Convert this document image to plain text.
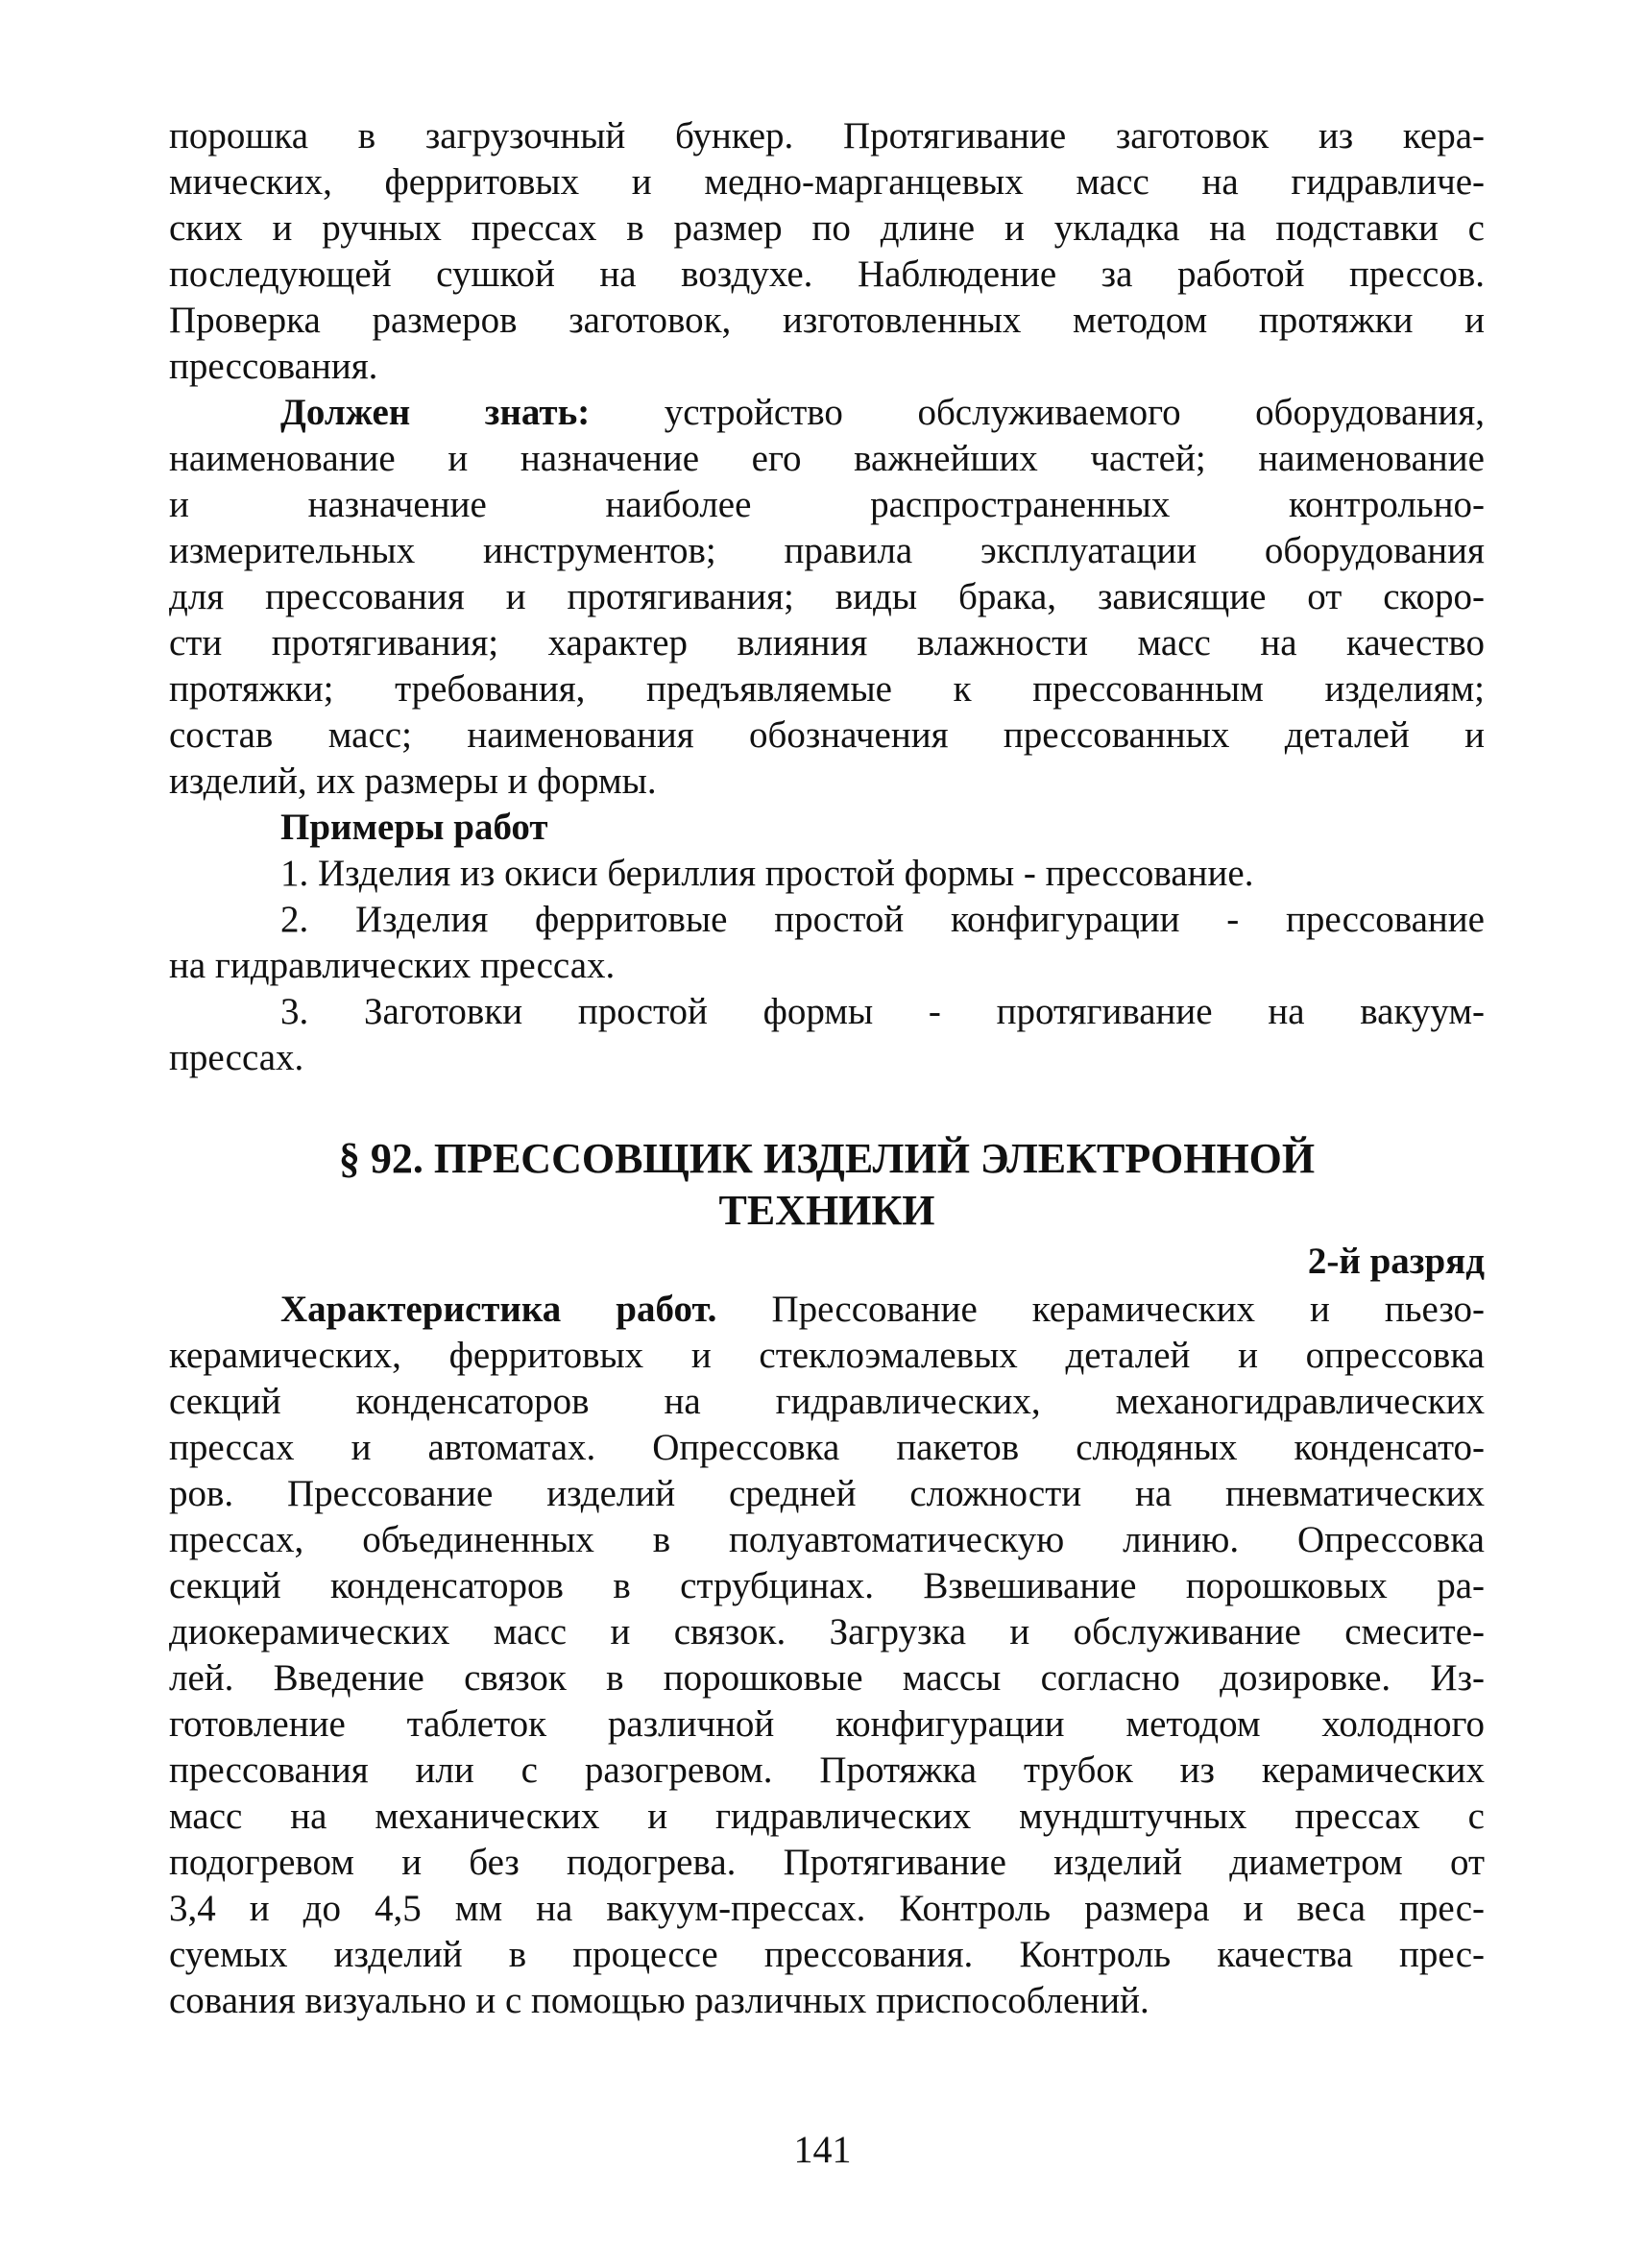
порошка в загрузочный бункер. Протягивание заготовок из кера-
мических, ферритовых и медно-марганцевых масс на гидравличе-
ских и ручных прессах в размер по длине и укладка на подставки с
последующей сушкой на воздухе. Наблюдение за работой прессов.
Проверка размеров заготовок, изготовленных методом протяжки и
прессования.
Должен знать: устройство обслуживаемого оборудования,
наименование и назначение его важнейших частей; наименование
и назначение наиболее распространенных контрольно-
измерительных инструментов; правила эксплуатации оборудования
для прессования и протягивания; виды брака, зависящие от скоро-
сти протягивания; характер влияния влажности масс на качество
протяжки; требования, предъявляемые к прессованным изделиям;
состав масс; наименования обозначения прессованных деталей и
изделий, их размеры и формы.
Примеры работ
1. Изделия из окиси бериллия простой формы - прессование.
2. Изделия ферритовые простой конфигурации - прессование
на гидравлических прессах.
3. Заготовки простой формы - протягивание на вакуум-
прессах.
§ 92. ПРЕССОВЩИК ИЗДЕЛИЙ ЭЛЕКТРОННОЙ
ТЕХНИКИ
2-й разряд
Характеристика работ. Прессование керамических и пьезо-
керамических, ферритовых и стеклоэмалевых деталей и опрессовка
секций конденсаторов на гидравлических, механогидравлических
прессах и автоматах. Опрессовка пакетов слюдяных конденсато-
ров. Прессование изделий средней сложности на пневматических
прессах, объединенных в полуавтоматическую линию. Опрессовка
секций конденсаторов в струбцинах. Взвешивание порошковых ра-
диокерамических масс и связок. Загрузка и обслуживание смесите-
лей. Введение связок в порошковые массы согласно дозировке. Из-
готовление таблеток различной конфигурации методом холодного
прессования или с разогревом. Протяжка трубок из керамических
масс на механических и гидравлических мундштучных прессах с
подогревом и без подогрева. Протягивание изделий диаметром от
3,4 и до 4,5 мм на вакуум-прессах. Контроль размера и веса прес-
суемых изделий в процессе прессования. Контроль качества прес-
сования визуально и с помощью различных приспособлений.
141
